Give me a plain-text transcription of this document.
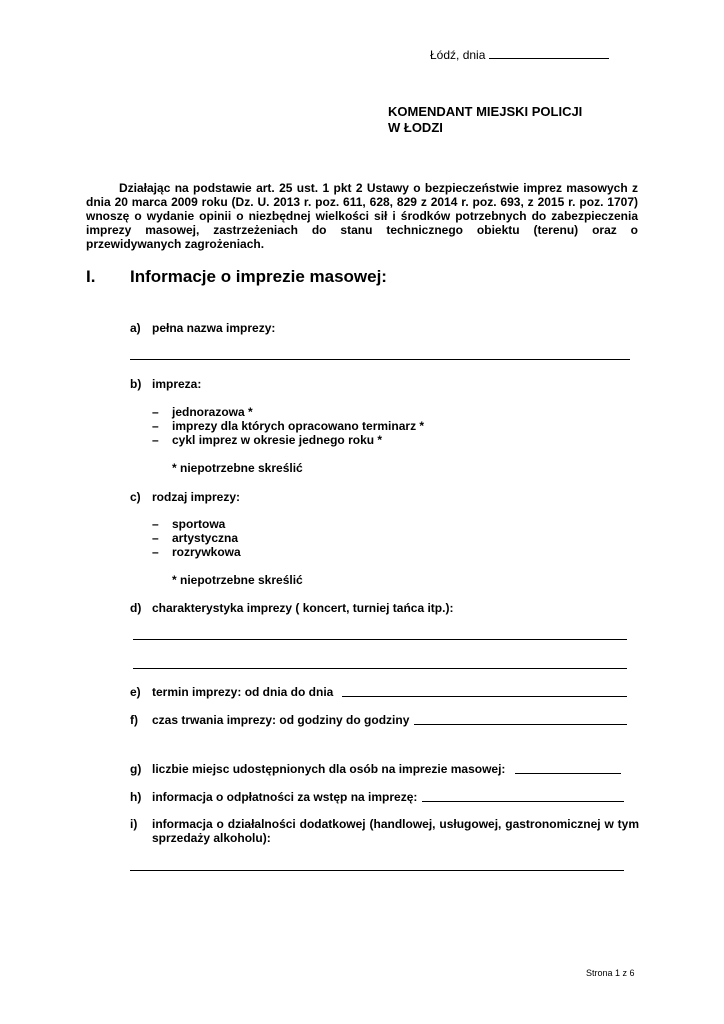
Łódź, dnia
KOMENDANT MIEJSKI POLICJI
W ŁODZI
Działając na podstawie art. 25 ust. 1 pkt 2 Ustawy o bezpieczeństwie imprez masowych z dnia 20 marca 2009 roku (Dz. U. 2013 r. poz. 611, 628, 829 z 2014 r. poz. 693, z 2015 r. poz. 1707) wnoszę o wydanie opinii o niezbędnej wielkości sił i środków potrzebnych do zabezpieczenia imprezy masowej, zastrzeżeniach do stanu technicznego obiektu (terenu) oraz o przewidywanych zagrożeniach.
I. Informacje o imprezie masowej:
a) pełna nazwa imprezy:
b) impreza:
– jednorazowa *
– imprezy dla których opracowano terminarz *
– cykl imprez w okresie jednego roku *
* niepotrzebne skreślić
c) rodzaj imprezy:
– sportowa
– artystyczna
– rozrywkowa
* niepotrzebne skreślić
d) charakterystyka imprezy ( koncert, turniej tańca itp.):
e) termin imprezy: od dnia do dnia
f) czas trwania imprezy: od godziny do godziny
g) liczbie miejsc udostępnionych dla osób na imprezie masowej:
h) informacja o odpłatności za wstęp na imprezę:
i) informacja o działalności dodatkowej (handlowej, usługowej, gastronomicznej w tym sprzedaży alkoholu):
Strona 1 z 6
